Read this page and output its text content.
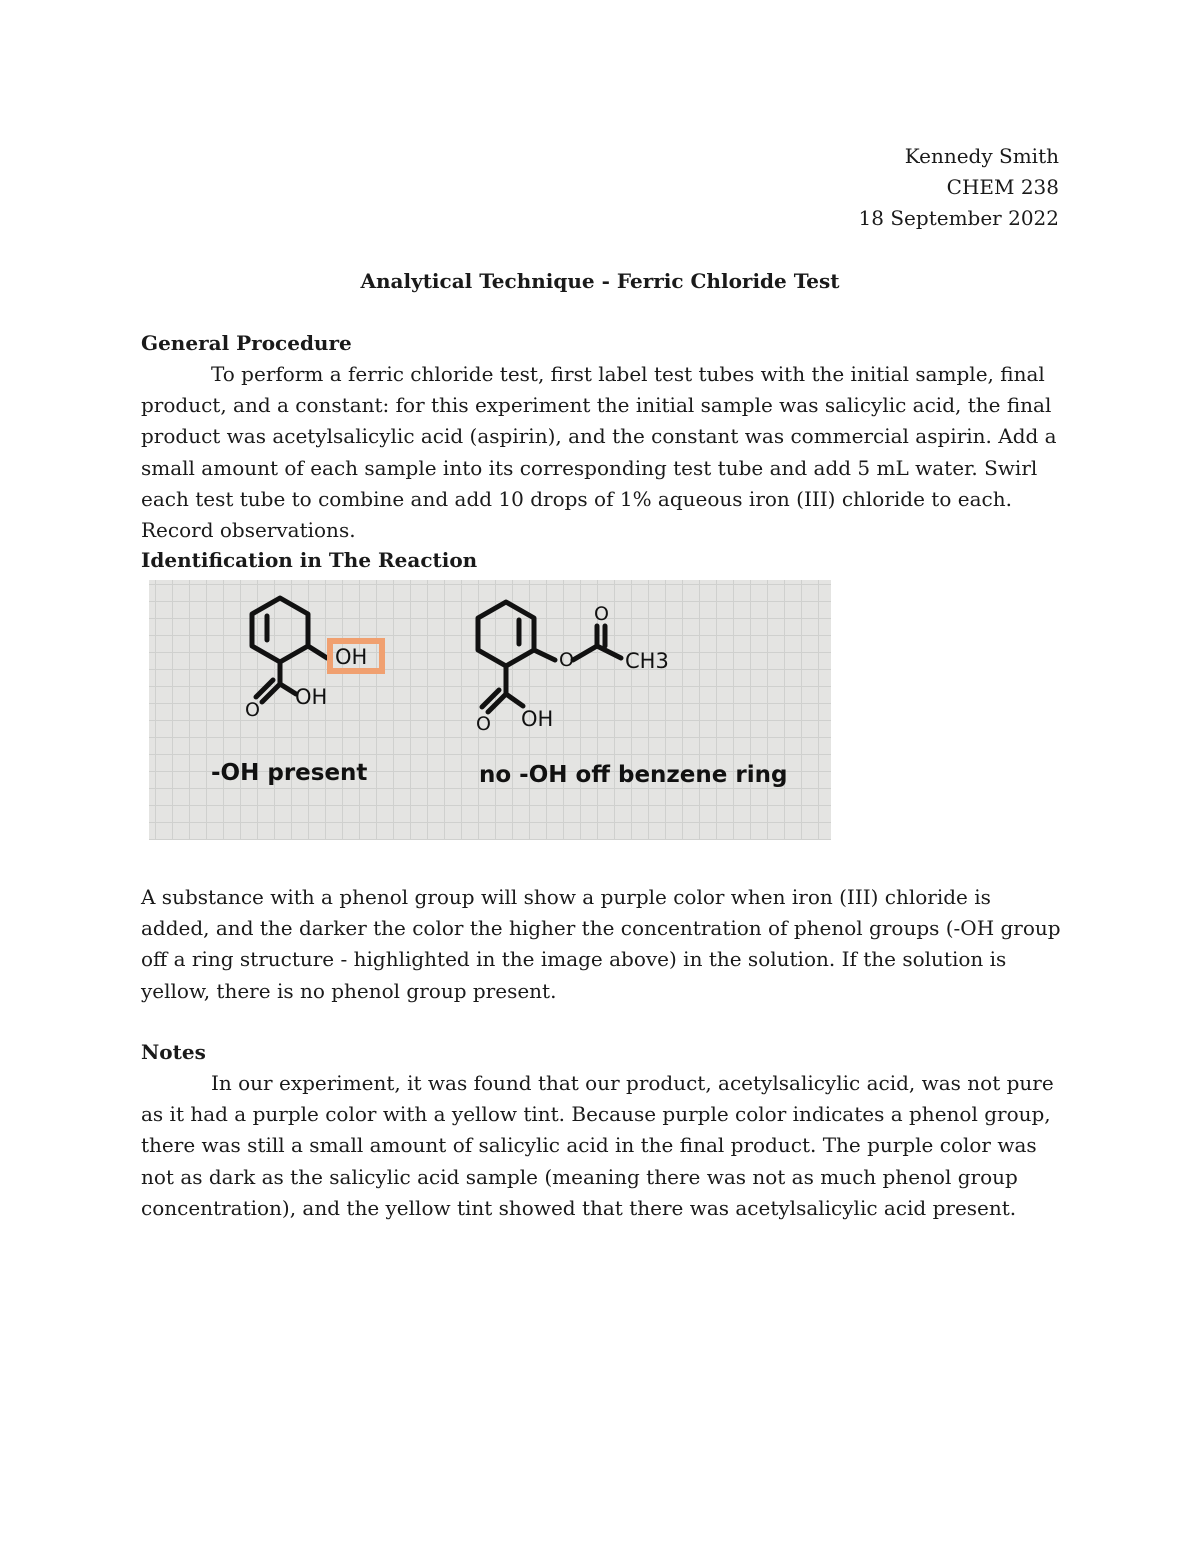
Kennedy Smith
CHEM 238
18 September 2022
Analytical Technique - Ferric Chloride Test
General Procedure

To perform a ferric chloride test, first label test tubes with the initial sample, final product, and a constant: for this experiment the initial sample was salicylic acid, the final product was acetylsalicylic acid (aspirin), and the constant was commercial aspirin. Add a small amount of each sample into its corresponding test tube and add 5 mL water. Swirl each test tube to combine and add 10 drops of 1% aqueous iron (III) chloride to each. Record observations.

Identification in The Reaction
OH
O
OH
-OH present
O
O
CH3
O OH
no -OH off benzene ring

A substance with a phenol group will show a purple color when iron (III) chloride is added, and the darker the color the higher the concentration of phenol groups (-OH group off a ring structure - highlighted in the image above) in the solution. If the solution is yellow, there is no phenol group present.

Notes

In our experiment, it was found that our product, acetylsalicylic acid, was not pure as it had a purple color with a yellow tint. Because purple color indicates a phenol group, there was still a small amount of salicylic acid in the final product. The purple color was not as dark as the salicylic acid sample (meaning there was not as much phenol group concentration), and the yellow tint showed that there was acetylsalicylic acid present.
